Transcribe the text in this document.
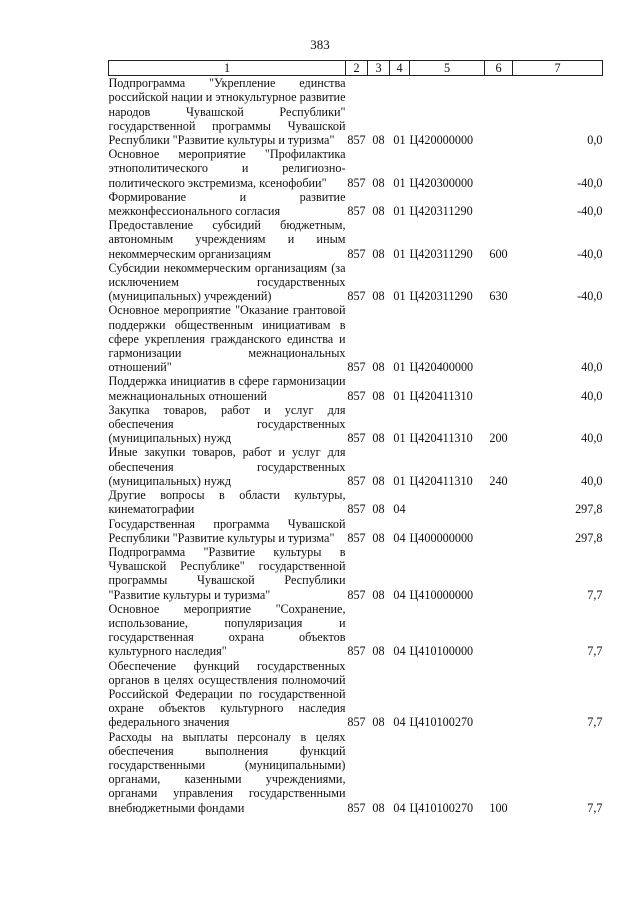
383
1	2	3	4	5	6	7
Подпрограмма "Укрепление единства российской нации и этнокультурное развитие народов Чувашской Республики" государственной программы Чувашской Республики "Развитие культуры и туризма"	857	08	01	Ц420000000		0,0
Основное мероприятие "Профилактика этнополитического и религиозно-политического экстремизма, ксенофобии"	857	08	01	Ц420300000		-40,0
Формирование и развитие межконфессионального согласия	857	08	01	Ц420311290		-40,0
Предоставление субсидий бюджетным, автономным учреждениям и иным некоммерческим организациям	857	08	01	Ц420311290	600	-40,0
Субсидии некоммерческим организациям (за исключением государственных (муниципальных) учреждений)	857	08	01	Ц420311290	630	-40,0
Основное мероприятие "Оказание грантовой поддержки общественным инициативам в сфере укрепления гражданского единства и гармонизации межнациональных отношений"	857	08	01	Ц420400000		40,0
Поддержка инициатив в сфере гармонизации межнациональных отношений	857	08	01	Ц420411310		40,0
Закупка товаров, работ и услуг для обеспечения государственных (муниципальных) нужд	857	08	01	Ц420411310	200	40,0
Иные закупки товаров, работ и услуг для обеспечения государственных (муниципальных) нужд	857	08	01	Ц420411310	240	40,0
Другие вопросы в области культуры, кинематографии	857	08	04			297,8
Государственная программа Чувашской Республики "Развитие культуры и туризма"	857	08	04	Ц400000000		297,8
Подпрограмма "Развитие культуры в Чувашской Республике" государственной программы Чувашской Республики "Развитие культуры и туризма"	857	08	04	Ц410000000		7,7
Основное мероприятие "Сохранение, использование, популяризация и государственная охрана объектов культурного наследия"	857	08	04	Ц410100000		7,7
Обеспечение функций государственных органов в целях осуществления полномочий Российской Федерации по государственной охране объектов культурного наследия федерального значения	857	08	04	Ц410100270		7,7
Расходы на выплаты персоналу в целях обеспечения выполнения функций государственными (муниципальными) органами, казенными учреждениями, органами управления государственными внебюджетными фондами	857	08	04	Ц410100270	100	7,7
